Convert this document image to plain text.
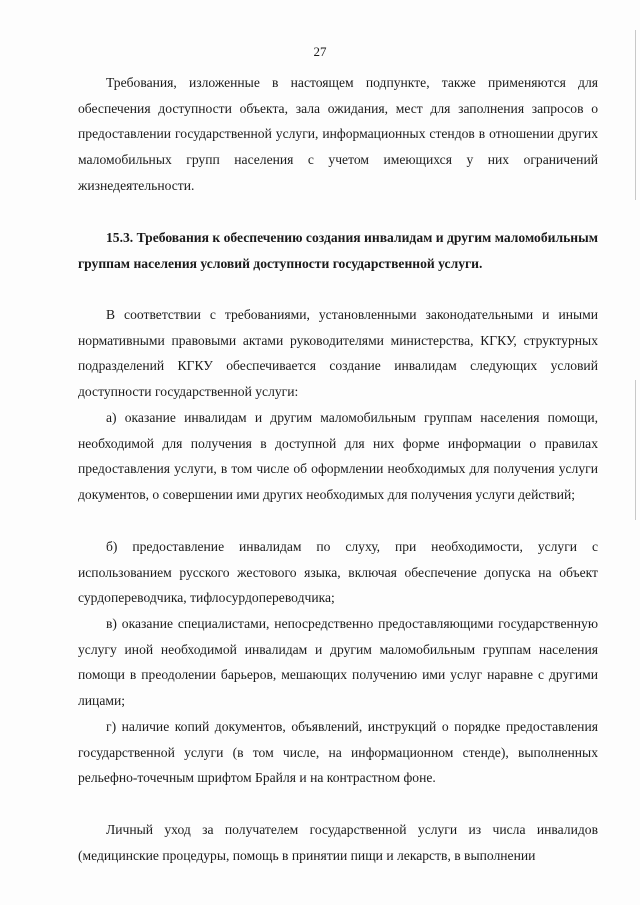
27

Требования, изложенные в настоящем подпункте, также применяются для обеспечения доступности объекта, зала ожидания, мест для заполнения запросов о предоставлении государственной услуги, информационных стендов в отношении других маломобильных групп населения с учетом имеющихся у них ограничений жизнедеятельности.

15.3. Требования к обеспечению создания инвалидам и другим маломобильным группам населения условий доступности государственной услуги.

В соответствии с требованиями, установленными законодательными и иными нормативными правовыми актами руководителями министерства, КГКУ, структурных подразделений КГКУ обеспечивается создание инвалидам следующих условий доступности государственной услуги:

а) оказание инвалидам и другим маломобильным группам населения помощи, необходимой для получения в доступной для них форме информации о правилах предоставления услуги, в том числе об оформлении необходимых для получения услуги документов, о совершении ими других необходимых для получения услуги действий;

б) предоставление инвалидам по слуху, при необходимости, услуги с использованием русского жестового языка, включая обеспечение допуска на объект сурдопереводчика, тифлосурдопереводчика;

в) оказание специалистами, непосредственно предоставляющими государственную услугу иной необходимой инвалидам и другим маломобильным группам населения помощи в преодолении барьеров, мешающих получению ими услуг наравне с другими лицами;

г) наличие копий документов, объявлений, инструкций о порядке предоставления государственной услуги (в том числе, на информационном стенде), выполненных рельефно-точечным шрифтом Брайля и на контрастном фоне.

Личный уход за получателем государственной услуги из числа инвалидов (медицинские процедуры, помощь в принятии пищи и лекарств, в выполнении
